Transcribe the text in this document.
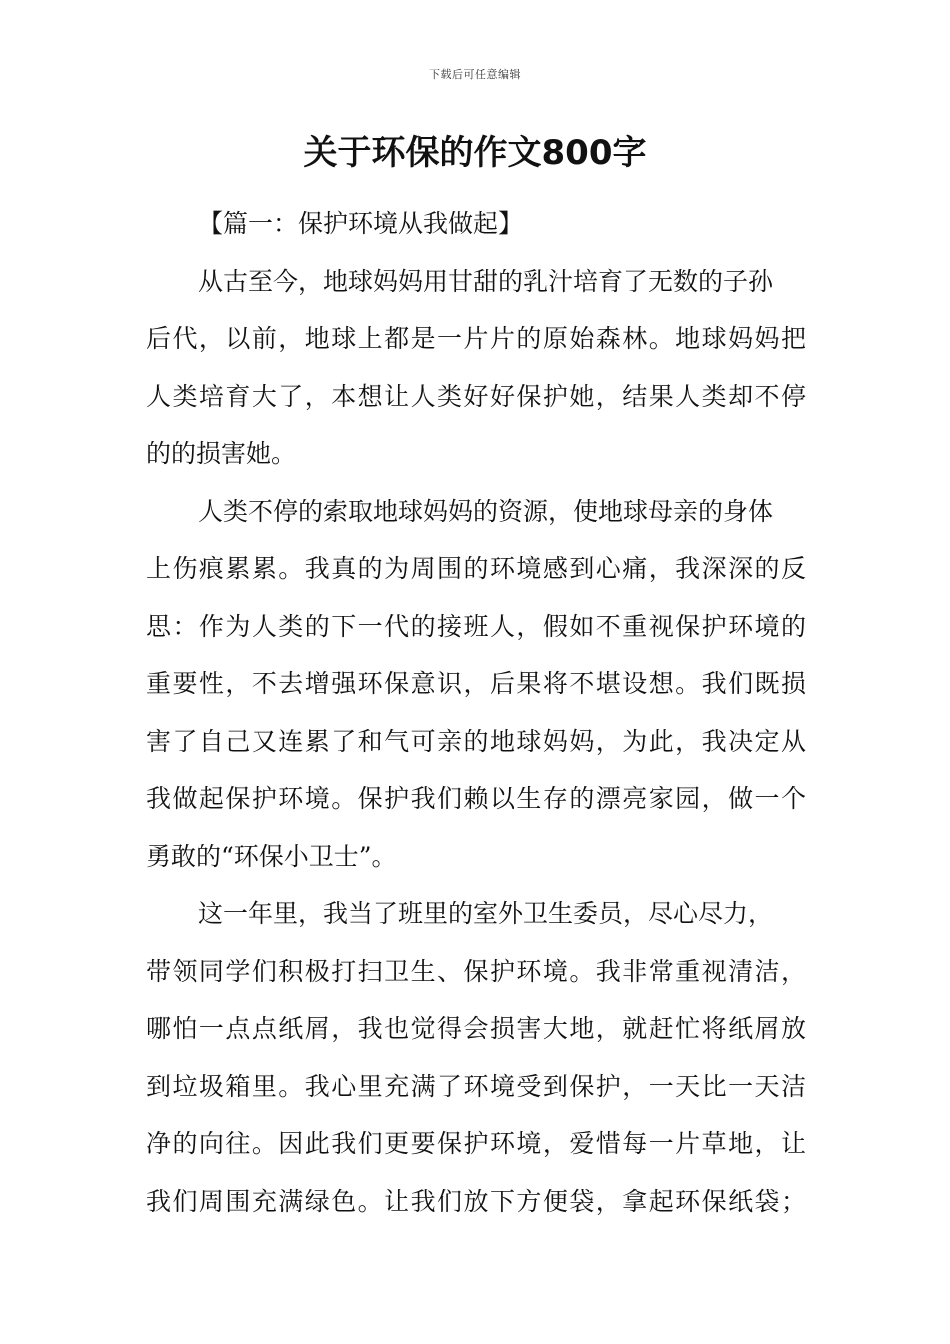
下载后可任意编辑
关于环保的作文800字
【篇一：保护环境从我做起】
从古至今，地球妈妈用甘甜的乳汁培育了无数的子孙
后代，以前，地球上都是一片片的原始森林。地球妈妈把
人类培育大了，本想让人类好好保护她，结果人类却不停
的的损害她。
人类不停的索取地球妈妈的资源，使地球母亲的身体
上伤痕累累。我真的为周围的环境感到心痛，我深深的反
思：作为人类的下一代的接班人，假如不重视保护环境的
重要性，不去增强环保意识，后果将不堪设想。我们既损
害了自己又连累了和气可亲的地球妈妈，为此，我决定从
我做起保护环境。保护我们赖以生存的漂亮家园，做一个
勇敢的“环保小卫士”。
这一年里，我当了班里的室外卫生委员，尽心尽力，
带领同学们积极打扫卫生、保护环境。我非常重视清洁，
哪怕一点点纸屑，我也觉得会损害大地，就赶忙将纸屑放
到垃圾箱里。我心里充满了环境受到保护，一天比一天洁
净的向往。因此我们更要保护环境，爱惜每一片草地，让
我们周围充满绿色。让我们放下方便袋，拿起环保纸袋；
